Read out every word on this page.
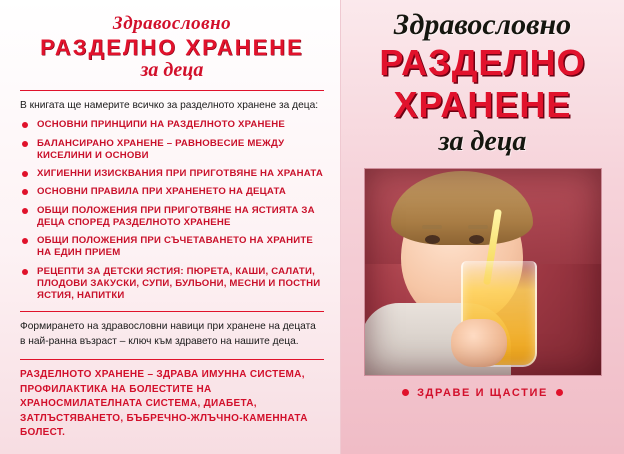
Здравословно
РАЗДЕЛНО ХРАНЕНЕ
за деца

В книгата ще намерите всичко за разделното хранене за деца:

ОСНОВНИ ПРИНЦИПИ НА РАЗДЕЛНОТО ХРАНЕНЕ
БАЛАНСИРАНО ХРАНЕНЕ – РАВНОВЕСИЕ МЕЖДУ КИСЕЛИНИ И ОСНОВИ
ХИГИЕННИ ИЗИСКВАНИЯ ПРИ ПРИГОТВЯНЕ НА ХРАНАТА
ОСНОВНИ ПРАВИЛА ПРИ ХРАНЕНЕТО НА ДЕЦАТА
ОБЩИ ПОЛОЖЕНИЯ ПРИ ПРИГОТВЯНЕ НА ЯСТИЯТА ЗА ДЕЦА СПОРЕД РАЗДЕЛНОТО ХРАНЕНЕ
ОБЩИ ПОЛОЖЕНИЯ ПРИ СЪЧЕТАВАНЕТО НА ХРАНИТЕ НА ЕДИН ПРИЕМ
РЕЦЕПТИ ЗА ДЕТСКИ ЯСТИЯ: ПЮРЕТА, КАШИ, САЛАТИ, ПЛОДОВИ ЗАКУСКИ, СУПИ, БУЛЬОНИ, МЕСНИ И ПОСТНИ ЯСТИЯ, НАПИТКИ

Формирането на здравословни навици при хранене на децата в най-ранна възраст – ключ към здравето на нашите деца.

РАЗДЕЛНОТО ХРАНЕНЕ – ЗДРАВА ИМУННА СИСТЕМА, ПРОФИЛАКТИКА НА БОЛЕСТИТЕ НА ХРАНОСМИЛАТЕЛНАТА СИСТЕМА, ДИАБЕТА, ЗАТЛЪСТЯВАНЕТО, БЪБРЕЧНО-ЖЛЪЧНО-КАМЕННАТА БОЛЕСТ.

Здравословно
РАЗДЕЛНО
ХРАНЕНЕ
за деца
ЗДРАВЕ И ЩАСТИЕ
